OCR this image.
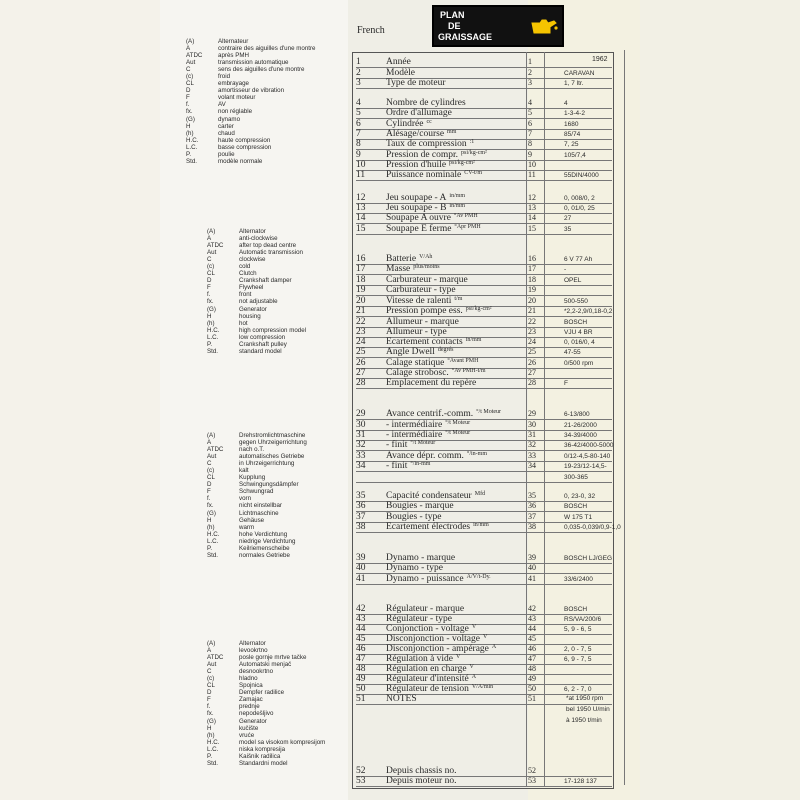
(A)	Alternateur
A	contraire des aiguilles d'une montre
ATDC	après PMH
Aut	transmission automatique
C	sens des aiguilles d'une montre
(c)	froid
CL	embrayage
D	amortisseur de vibration
F	volant moteur
f.	AV
fx.	non réglable
(G)	dynamo
H	carter
(h)	chaud
H.C.	haute compression
L.C.	basse compression
P.	poulie
Std.	modèle normale
(A)	Alternator
A	anti-clockwise
ATDC	after top dead centre
Aut	Automatic transmission
C	clockwise
(c)	cold
CL	Clutch
D	Crankshaft damper
F	Flywheel
f.	front
fx.	not adjustable
(G)	Generator
H	housing
(h)	hot
H.C.	high compression model
L.C.	low compression
P.	Crankshaft pulley
Std.	standard model
(A)	Drehstromlichtmaschine
A	gegen Uhrzeigerrichtung
ATDC	nach o.T.
Aut	automatisches Getriebe
C	in Uhrzeigerrichtung
(c)	kalt
CL	Kupplung
D	Schwingungsdämpfer
F	Schwungrad
f.	vorn
fx.	nicht einstellbar
(G)	Lichtmaschine
H	Gehäuse
(h)	warm
H.C.	hohe Verdichtung
L.C.	niedrige Verdichtung
P.	Keilriemenscheibe
Std.	normales Getriebe
(A)	Alternator
A	levookrtno
ATDC	posle gornje mrtve tačke
Aut	Automatski menjač
C	desnookrtno
(c)	hladno
CL	Spojnica
D	Dempfer radilice
F	Zamajac
f.	prednje
fx.	nepodešljivo
(G)	Generator
H	kučište
(h)	vruće
H.C.	model sa visokom kompresijom
L.C.	niska kompresija
P.	Kaišnik radilica
Std.	Standardni model
French
PLAN
DE
GRAISSAGE
1962
1	Année	1
2	Modèle	2	CARAVAN
3	Type de moteur	3	1, 7 ltr.
4	Nombre de cylindres	4	4
5	Ordre d'allumage	5	1-3-4-2
6	Cylindrée $^{cc}$	6	1680
7	Alésage/course $^{mm}$	7	85/74
8	Taux de compression $^{:1}$	8	7, 25
9	Pression de compr. $^{psi/kg-cm^2}$	9	105/7,4
10	Pression d'huile $^{psi/kg-cm^2}$	10
11	Puissance nominale $^{CV-t/m}$	11	55DIN/4000
12	Jeu soupape - A $^{in/mm}$	12	0, 008/0, 2
13	Jeu soupape - B $^{in/mm}$	13	0, 01/0, 25
14	Soupape A ouvre $^{^\circ Av PMH}$	14	27
15	Soupape E ferme $^{^\circ Apr PMH}$	15	35
16	Batterie $^{V/Ah}$	16	6 V 77 Ah
17	Masse $^{plus/moins}$	17	-
18	Carburateur - marque	18	OPEL
19	Carburateur - type	19
20	Vitesse de ralenti $^{t/m}$	20	500-550
21	Pression pompe ess. $^{psi/kg-cm^2}$	21	*2,2-2,9/0,18-0,2
22	Allumeur - marque	22	BOSCH
23	Allumeur - type	23	VJU 4 BR
24	Ecartement contacts $^{in/mm}$	24	0, 016/0, 4
25	Angle Dwell $^{degrés}$	25	47-55
26	Calage statique $^{^\circ Avant PMH}$	26	0/500 rpm
27	Calage strobosc. $^{^\circ Av PMH-t/m}$	27
28	Emplacement du repère	28	F
29	Avance centrif.-comm. $^{^\circ/t Moteur}$	29	6-13/800
30	- intermédiaire $^{^\circ/t Moteur}$	30	21-26/2000
31	- intermédiaire $^{^\circ/t Moteur}$	31	34-39/4000
32	- finit $^{^\circ/t Moteur}$	32	36-42/4000-5000
33	Avance dépr. comm. $^{^\circ/in-mm}$	33	0/12-4,5-80-140
34	- finit $^{^\circ/in-mm}$	34	19-23/12-14,5-
300-365
35	Capacité condensateur $^{Mfd}$	35	0, 23-0, 32
36	Bougies - marque	36	BOSCH
37	Bougies - type	37	W 175 T1
38	Ecartement électrodes $^{in/mm}$	38	0,035-0,039/0,9-1,0
39	Dynamo - marque	39	BOSCH LJ/GEG
40	Dynamo - type	40
41	Dynamo - puissance $^{A/V/t-Dy.}$	41	33/6/2400
42	Régulateur - marque	42	BOSCH
43	Régulateur - type	43	RS/VA/200/6
44	Conjonction - voltage $^V$	44	5, 9 - 6, 5
45	Disconjonction - voltage $^V$	45
46	Disconjonction - ampérage $^A$	46	2, 0 - 7, 5
47	Régulation à vide $^V$	47	6, 9 - 7, 5
48	Régulation en charge $^V$	48
49	Régulateur d'intensité $^A$	49
50	Régulateur de tension $^{V/A/min}$	50	6, 2 - 7, 0
51	NOTES	51
52	Depuis chassis no.	52
53	Depuis moteur no.	53	17-128 137
*at 1950 rpm
bel 1950 U/min
à 1950 t/min
